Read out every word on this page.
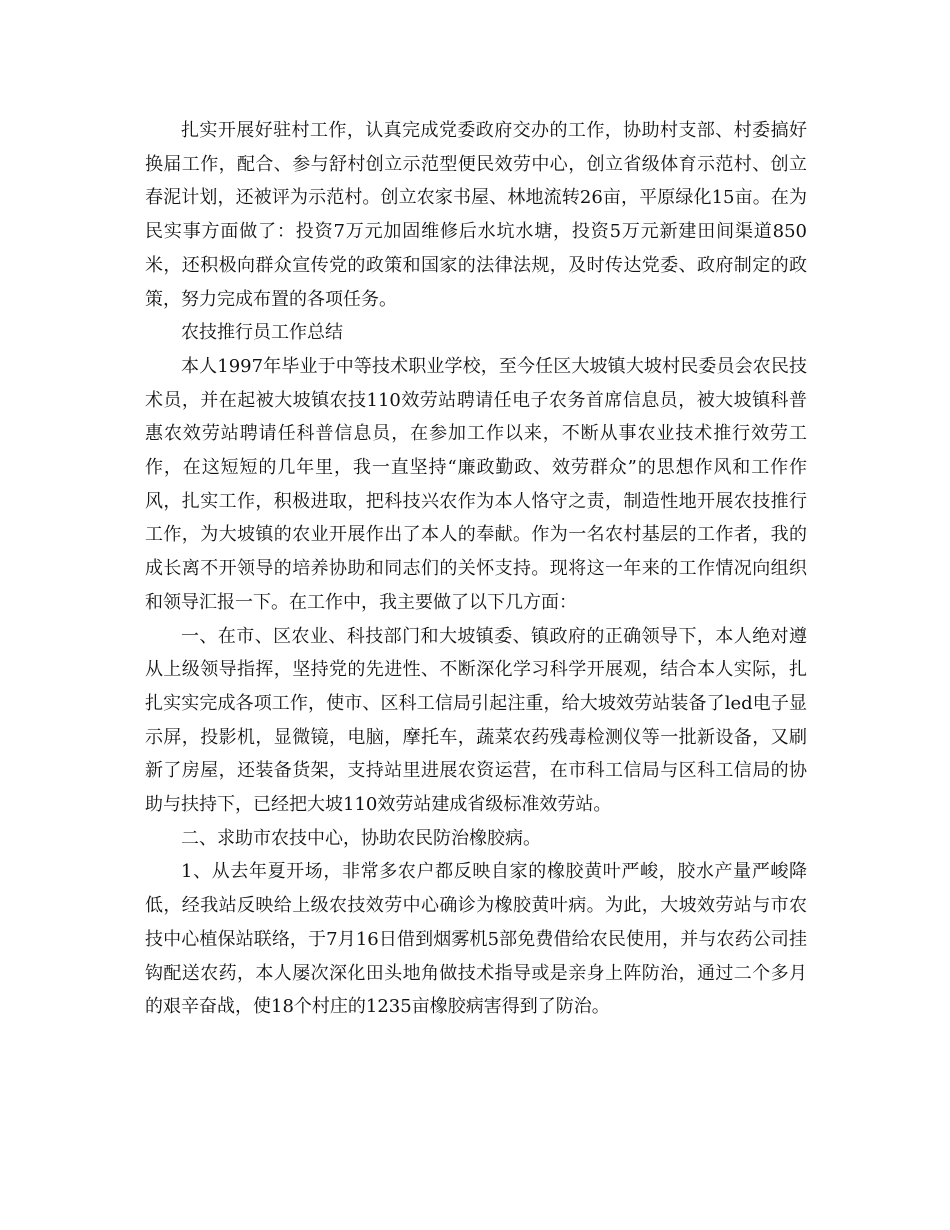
扎实开展好驻村工作，认真完成党委政府交办的工作，协助村支部、村委搞好换届工作，配合、参与舒村创立示范型便民效劳中心，创立省级体育示范村、创立春泥计划，还被评为示范村。创立农家书屋、林地流转26亩，平原绿化15亩。在为民实事方面做了：投资7万元加固维修后水坑水塘，投资5万元新建田间渠道850米，还积极向群众宣传党的政策和国家的法律法规，及时传达党委、政府制定的政策，努力完成布置的各项任务。

农技推行员工作总结

本人1997年毕业于中等技术职业学校，至今任区大坡镇大坡村民委员会农民技术员，并在起被大坡镇农技110效劳站聘请任电子农务首席信息员，被大坡镇科普惠农效劳站聘请任科普信息员，在参加工作以来，不断从事农业技术推行效劳工作，在这短短的几年里，我一直坚持“廉政勤政、效劳群众”的思想作风和工作作风，扎实工作，积极进取，把科技兴农作为本人恪守之责，制造性地开展农技推行工作，为大坡镇的农业开展作出了本人的奉献。作为一名农村基层的工作者，我的成长离不开领导的培养协助和同志们的关怀支持。现将这一年来的工作情况向组织和领导汇报一下。在工作中，我主要做了以下几方面：

一、在市、区农业、科技部门和大坡镇委、镇政府的正确领导下，本人绝对遵从上级领导指挥，坚持党的先进性、不断深化学习科学开展观，结合本人实际，扎扎实实完成各项工作，使市、区科工信局引起注重，给大坡效劳站装备了led电子显示屏，投影机，显微镜，电脑，摩托车，蔬菜农药残毒检测仪等一批新设备，又刷新了房屋，还装备货架，支持站里进展农资运营，在市科工信局与区科工信局的协助与扶持下，已经把大坡110效劳站建成省级标准效劳站。

二、求助市农技中心，协助农民防治橡胶病。

1、从去年夏开场，非常多农户都反映自家的橡胶黄叶严峻，胶水产量严峻降低，经我站反映给上级农技效劳中心确诊为橡胶黄叶病。为此，大坡效劳站与市农技中心植保站联络，于7月16日借到烟雾机5部免费借给农民使用，并与农药公司挂钩配送农药，本人屡次深化田头地角做技术指导或是亲身上阵防治，通过二个多月的艰辛奋战，使18个村庄的1235亩橡胶病害得到了防治。
